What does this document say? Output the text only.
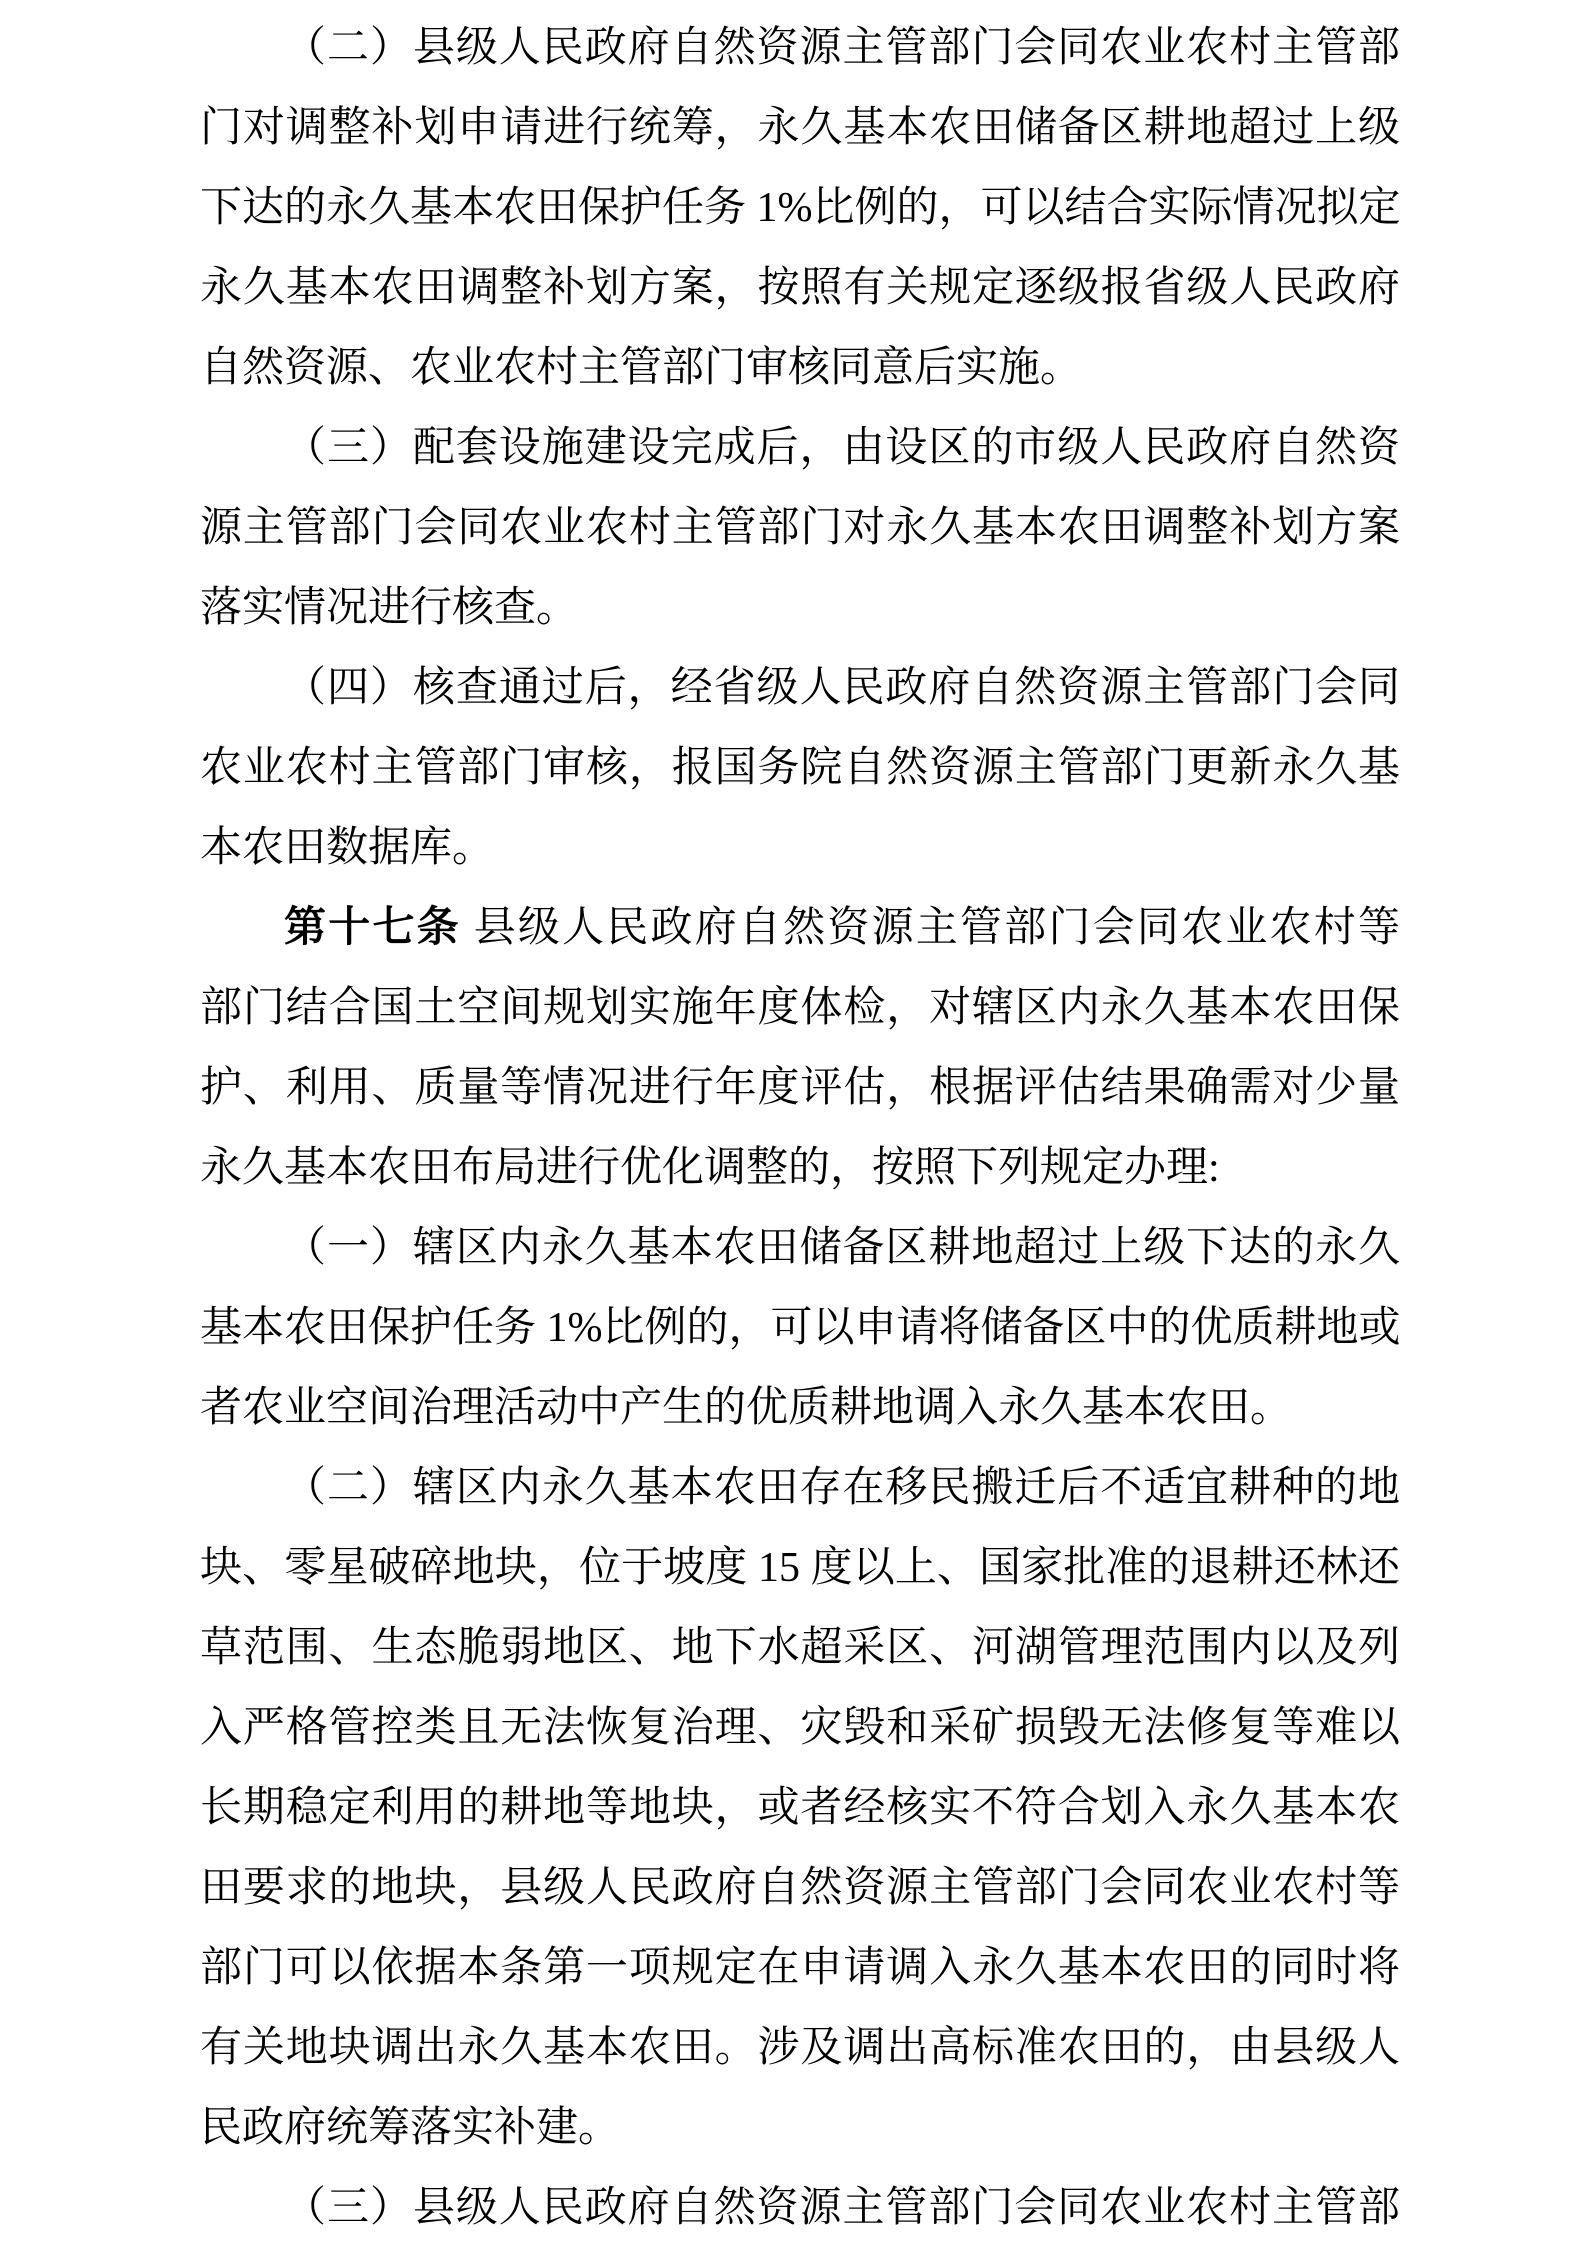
（二）县级人民政府自然资源主管部门会同农业农村主管部
门对调整补划申请进行统筹，永久基本农田储备区耕地超过上级
下达的永久基本农田保护任务 1%比例的，可以结合实际情况拟定
永久基本农田调整补划方案，按照有关规定逐级报省级人民政府
自然资源、农业农村主管部门审核同意后实施。
（三）配套设施建设完成后，由设区的市级人民政府自然资
源主管部门会同农业农村主管部门对永久基本农田调整补划方案
落实情况进行核查。
（四）核查通过后，经省级人民政府自然资源主管部门会同
农业农村主管部门审核，报国务院自然资源主管部门更新永久基
本农田数据库。
第十七条 县级人民政府自然资源主管部门会同农业农村等
部门结合国土空间规划实施年度体检，对辖区内永久基本农田保
护、利用、质量等情况进行年度评估，根据评估结果确需对少量
永久基本农田布局进行优化调整的，按照下列规定办理:
（一）辖区内永久基本农田储备区耕地超过上级下达的永久
基本农田保护任务 1%比例的，可以申请将储备区中的优质耕地或
者农业空间治理活动中产生的优质耕地调入永久基本农田。
（二）辖区内永久基本农田存在移民搬迁后不适宜耕种的地
块、零星破碎地块，位于坡度 15 度以上、国家批准的退耕还林还
草范围、生态脆弱地区、地下水超采区、河湖管理范围内以及列
入严格管控类且无法恢复治理、灾毁和采矿损毁无法修复等难以
长期稳定利用的耕地等地块，或者经核实不符合划入永久基本农
田要求的地块，县级人民政府自然资源主管部门会同农业农村等
部门可以依据本条第一项规定在申请调入永久基本农田的同时将
有关地块调出永久基本农田。涉及调出高标准农田的，由县级人
民政府统筹落实补建。
（三）县级人民政府自然资源主管部门会同农业农村主管部
